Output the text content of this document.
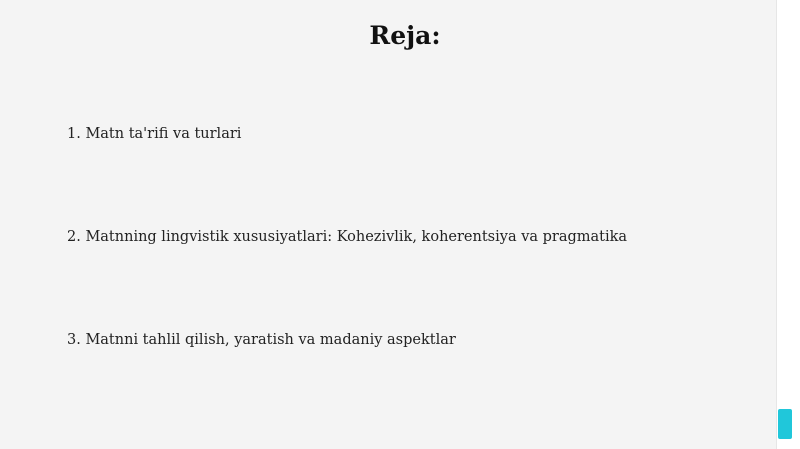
Reja:
1. Matn ta'rifi va turlari
2. Matnning lingvistik xususiyatlari: Kohezivlik, koherentsiya va pragmatika
3. Matnni tahlil qilish, yaratish va madaniy aspektlar
